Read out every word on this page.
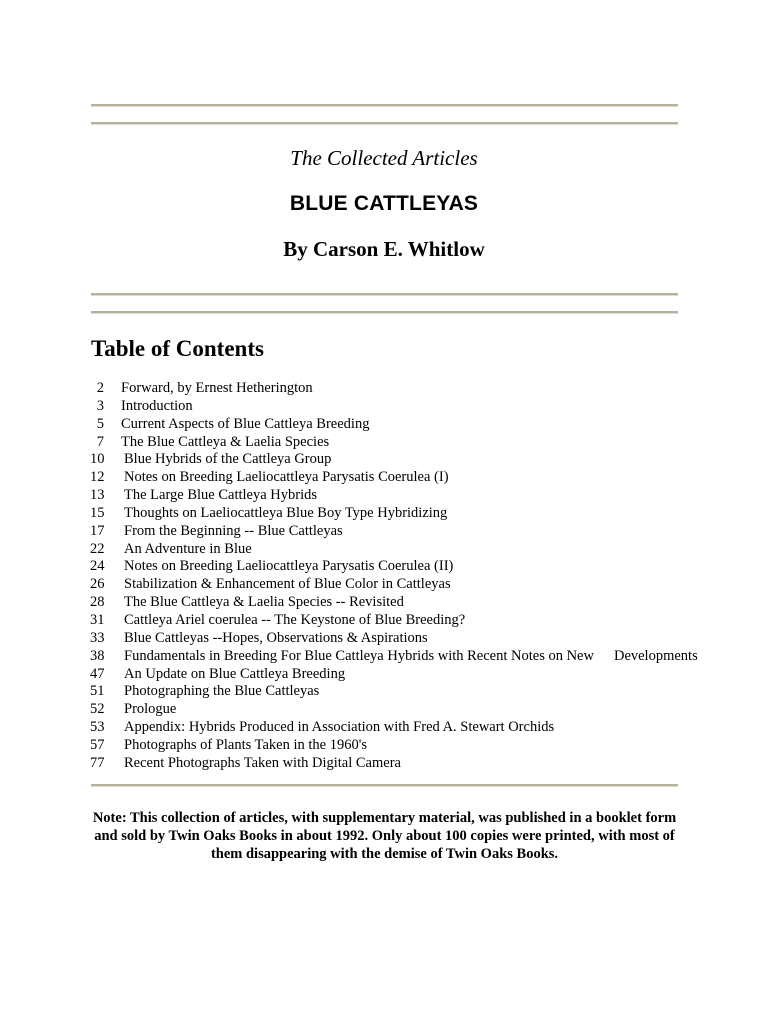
The Collected Articles
BLUE CATTLEYAS
By Carson E. Whitlow
Table of Contents
2 Forward, by Ernest Hetherington
3 Introduction
5 Current Aspects of Blue Cattleya Breeding
7 The Blue Cattleya & Laelia Species
10 Blue Hybrids of the Cattleya Group
12 Notes on Breeding Laeliocattleya Parysatis Coerulea (I)
13 The Large Blue Cattleya Hybrids
15 Thoughts on Laeliocattleya Blue Boy Type Hybridizing
17 From the Beginning -- Blue Cattleyas
22 An Adventure in Blue
24 Notes on Breeding Laeliocattleya Parysatis Coerulea (II)
26 Stabilization & Enhancement of Blue Color in Cattleyas
28 The Blue Cattleya & Laelia Species -- Revisited
31 Cattleya Ariel coerulea -- The Keystone of Blue Breeding?
33 Blue Cattleyas --Hopes, Observations & Aspirations
38 Fundamentals in Breeding For Blue Cattleya Hybrids with Recent Notes on New Developments
47 An Update on Blue Cattleya Breeding
51 Photographing the Blue Cattleyas
52 Prologue
53 Appendix: Hybrids Produced in Association with Fred A. Stewart Orchids
57 Photographs of Plants Taken in the 1960's
77 Recent Photographs Taken with Digital Camera
Note: This collection of articles, with supplementary material, was published in a booklet form and sold by Twin Oaks Books in about 1992. Only about 100 copies were printed, with most of them disappearing with the demise of Twin Oaks Books.
